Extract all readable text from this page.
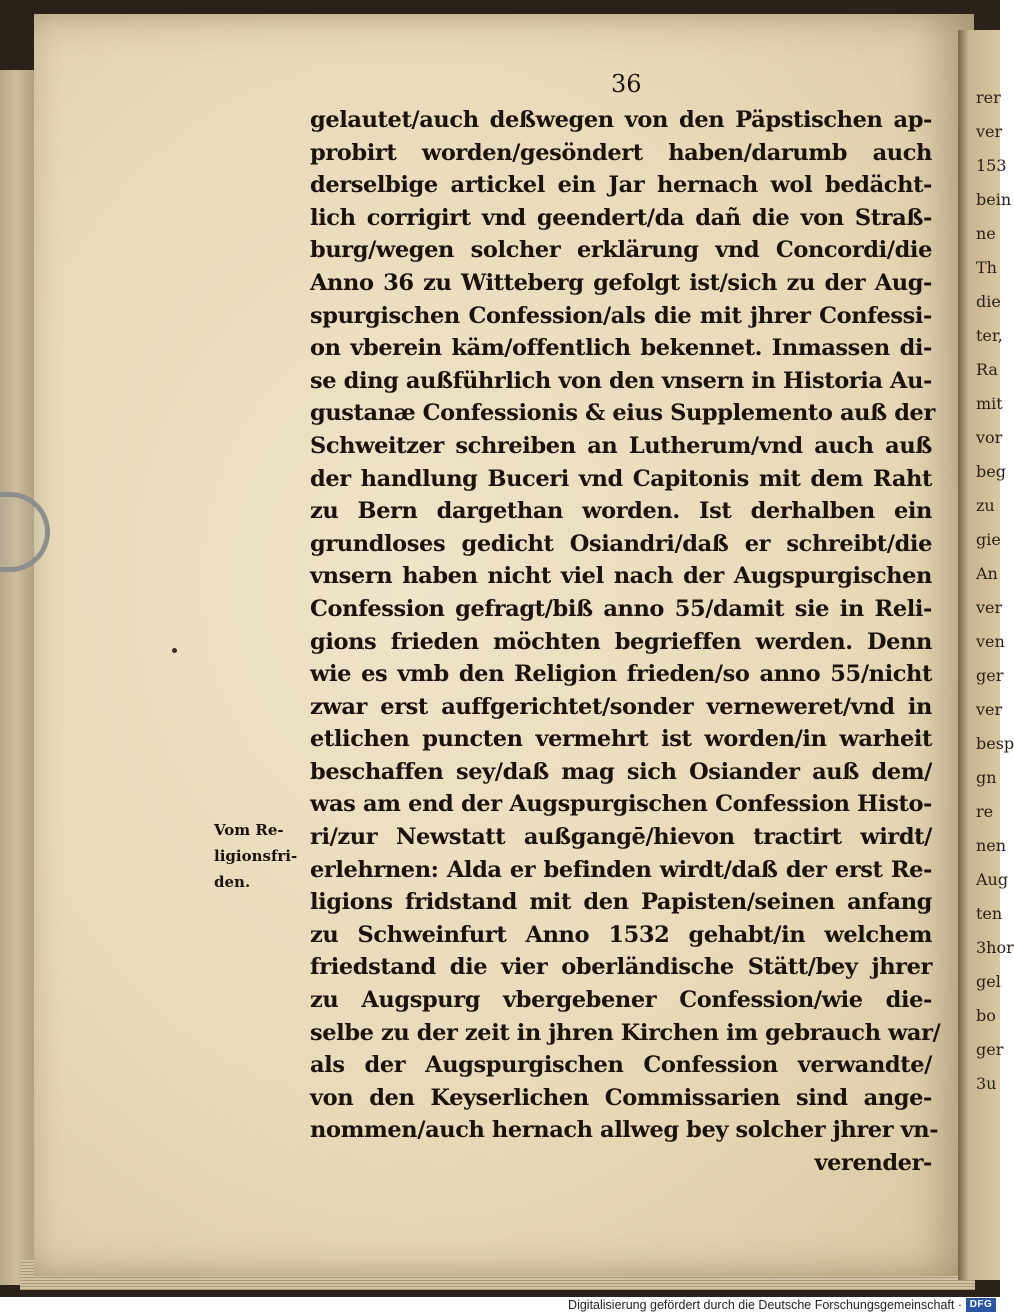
rer
ver
153
bein
ne
Th
die
ter,
Ra
mit
vor
beg
zu
gie
An
ver
ven
ger
ver
besp
gn
re
nen
Aug
ten
3hor
gel
bo
ger
3u
36
gelautet/auch deßwegen von den Päpstischen ap-
probirt worden/gesöndert haben/darumb auch
derselbige artickel ein Jar hernach wol bedächt-
lich corrigirt vnd geendert/da dañ die von Straß-
burg/wegen solcher erklärung vnd Concordi/die
Anno 36 zu Witteberg gefolgt ist/sich zu der Aug-
spurgischen Confession/als die mit jhrer Confessi-
on vberein käm/offentlich bekennet. Inmassen di-
se ding außführlich von den vnsern in Historia Au-
gustanæ Confessionis & eius Supplemento auß der
Schweitzer schreiben an Lutherum/vnd auch auß
der handlung Buceri vnd Capitonis mit dem Raht
zu Bern dargethan worden. Ist derhalben ein
grundloses gedicht Osiandri/daß er schreibt/die
vnsern haben nicht viel nach der Augspurgischen
Confession gefragt/biß anno 55/damit sie in Reli-
gions frieden möchten begrieffen werden. Denn
wie es vmb den Religion frieden/so anno 55/nicht
zwar erst auffgerichtet/sonder verneweret/vnd in
etlichen puncten vermehrt ist worden/in warheit
beschaffen sey/daß mag sich Osiander auß dem/
was am end der Augspurgischen Confession Histo-
ri/zur Newstatt außgangē/hievon tractirt wirdt/
erlehrnen: Alda er befinden wirdt/daß der erst Re-
ligions fridstand mit den Papisten/seinen anfang
zu Schweinfurt Anno 1532 gehabt/in welchem
friedstand die vier oberländische Stätt/bey jhrer
zu Augspurg vbergebener Confession/wie die-
selbe zu der zeit in jhren Kirchen im gebrauch war/
als der Augspurgischen Confession verwandte/
von den Keyserlichen Commissarien sind ange-
nommen/auch hernach allweg bey solcher jhrer vn-
verender-
Vom Re-
ligionsfri-
den.
Digitalisierung gefördert durch die Deutsche Forschungsgemeinschaft · DFG
